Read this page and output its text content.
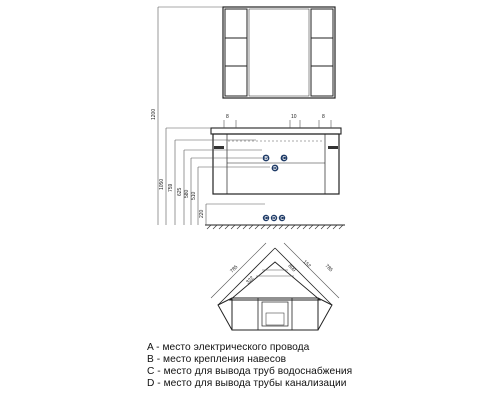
1200
1050 759 625 580 510
220
8	10	8
B	C
D
C D C
785
322
800 152 785
A - место электрического провода
B - место крепления навесов
C - место для вывода труб водоснабжения
D - место для вывода трубы канализации
